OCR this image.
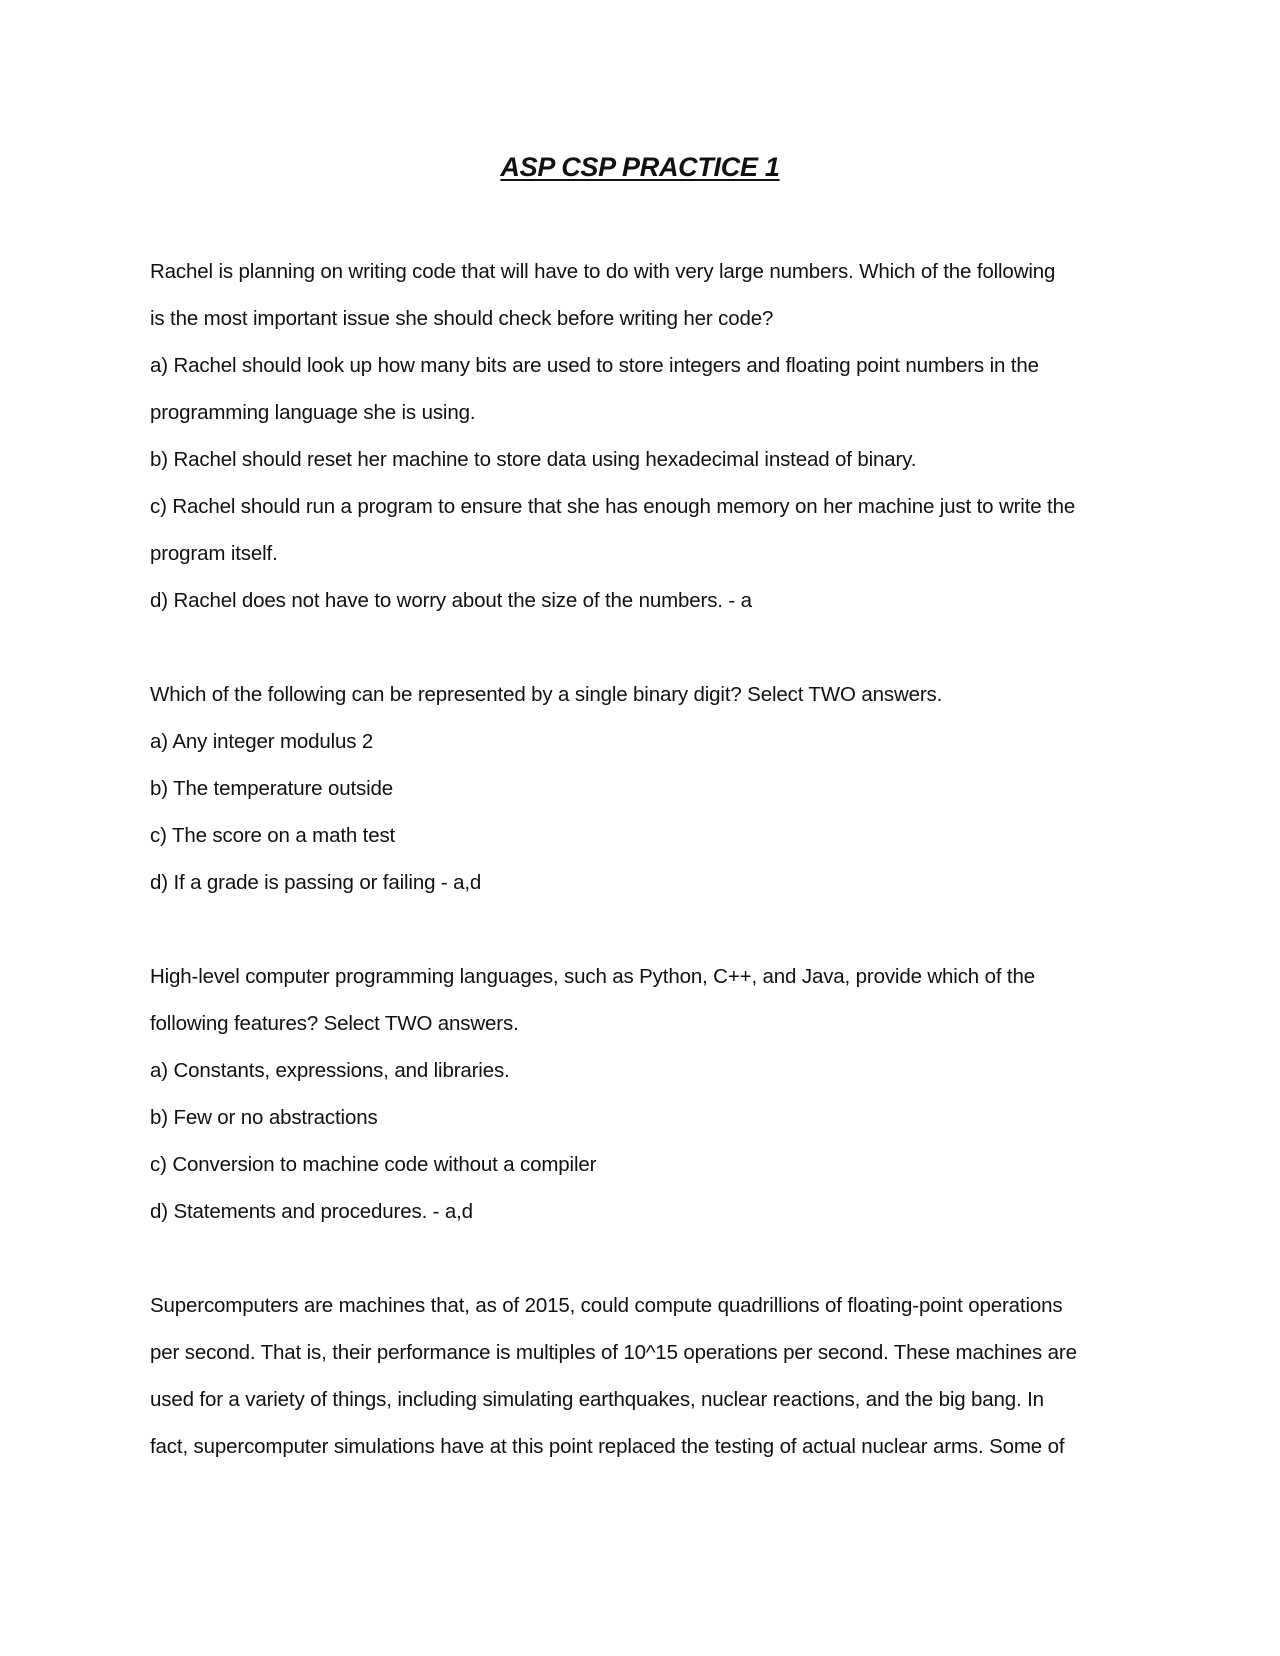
ASP CSP PRACTICE 1
Rachel is planning on writing code that will have to do with very large numbers. Which of the following
is the most important issue she should check before writing her code?
a) Rachel should look up how many bits are used to store integers and floating point numbers in the
programming language she is using.
b) Rachel should reset her machine to store data using hexadecimal instead of binary.
c) Rachel should run a program to ensure that she has enough memory on her machine just to write the
program itself.
d) Rachel does not have to worry about the size of the numbers. - a
Which of the following can be represented by a single binary digit? Select TWO answers.
a) Any integer modulus 2
b) The temperature outside
c) The score on a math test
d) If a grade is passing or failing - a,d
High-level computer programming languages, such as Python, C++, and Java, provide which of the
following features? Select TWO answers.
a) Constants, expressions, and libraries.
b) Few or no abstractions
c) Conversion to machine code without a compiler
d) Statements and procedures. - a,d
Supercomputers are machines that, as of 2015, could compute quadrillions of floating-point operations
per second. That is, their performance is multiples of 10^15 operations per second. These machines are
used for a variety of things, including simulating earthquakes, nuclear reactions, and the big bang. In
fact, supercomputer simulations have at this point replaced the testing of actual nuclear arms. Some of
